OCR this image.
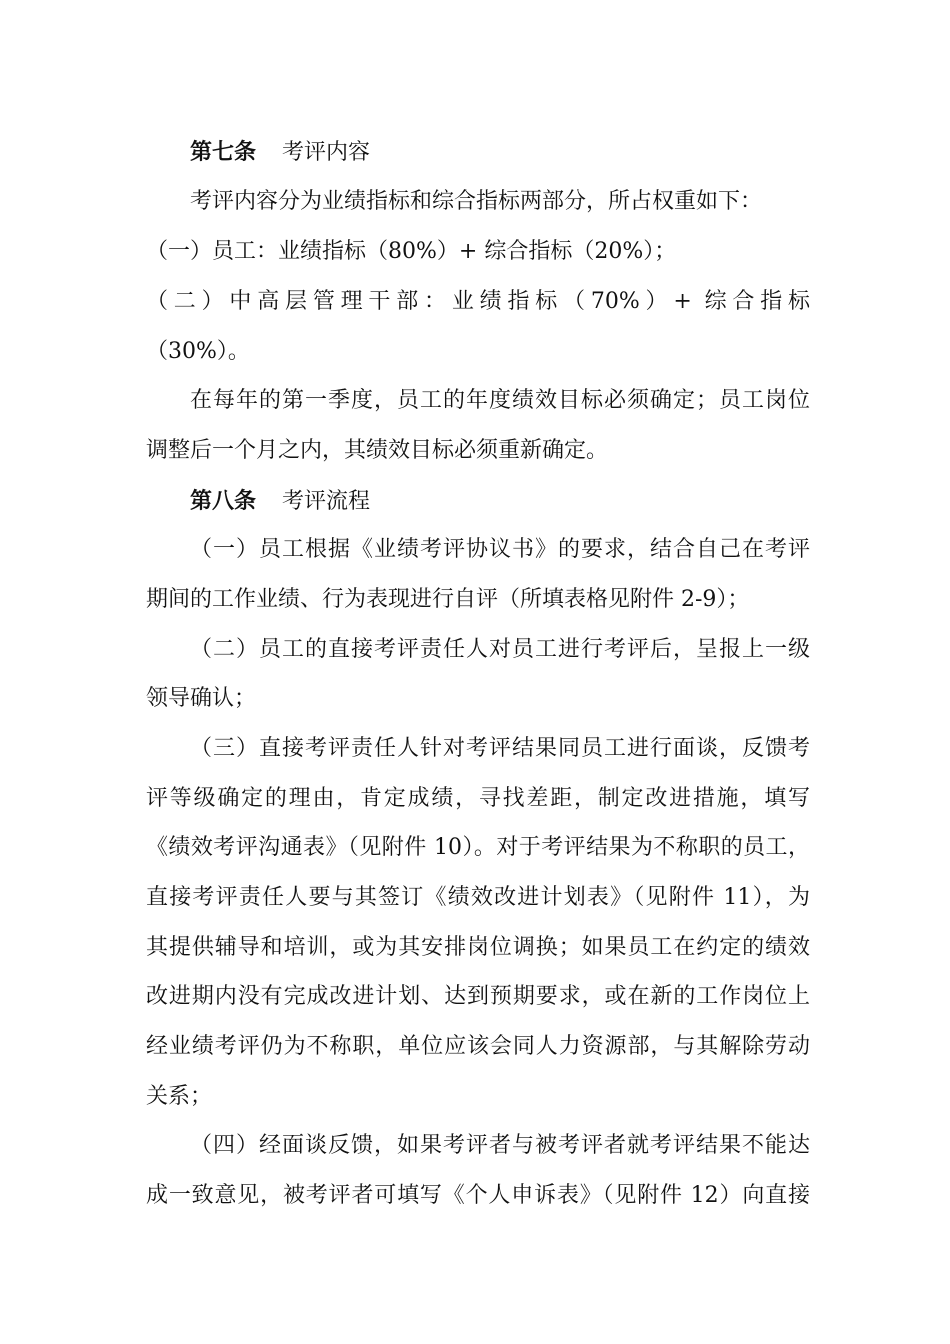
第七条 考评内容
考评内容分为业绩指标和综合指标两部分，所占权重如下：
（一）员工：业绩指标（80%）+ 综合指标（20%）；
（二）中高层管理干部：业绩指标（70%）+ 综合指标
（30%）。
在每年的第一季度，员工的年度绩效目标必须确定；员工岗位
调整后一个月之内，其绩效目标必须重新确定。
第八条 考评流程
（一）员工根据《业绩考评协议书》的要求，结合自己在考评
期间的工作业绩、行为表现进行自评（所填表格见附件 2-9）；
（二）员工的直接考评责任人对员工进行考评后，呈报上一级
领导确认；
（三）直接考评责任人针对考评结果同员工进行面谈，反馈考
评等级确定的理由，肯定成绩，寻找差距，制定改进措施，填写
《绩效考评沟通表》（见附件 10）。对于考评结果为不称职的员工，
直接考评责任人要与其签订《绩效改进计划表》（见附件 11），为
其提供辅导和培训，或为其安排岗位调换；如果员工在约定的绩效
改进期内没有完成改进计划、达到预期要求，或在新的工作岗位上
经业绩考评仍为不称职，单位应该会同人力资源部，与其解除劳动
关系；
（四）经面谈反馈，如果考评者与被考评者就考评结果不能达
成一致意见，被考评者可填写《个人申诉表》（见附件 12）向直接
